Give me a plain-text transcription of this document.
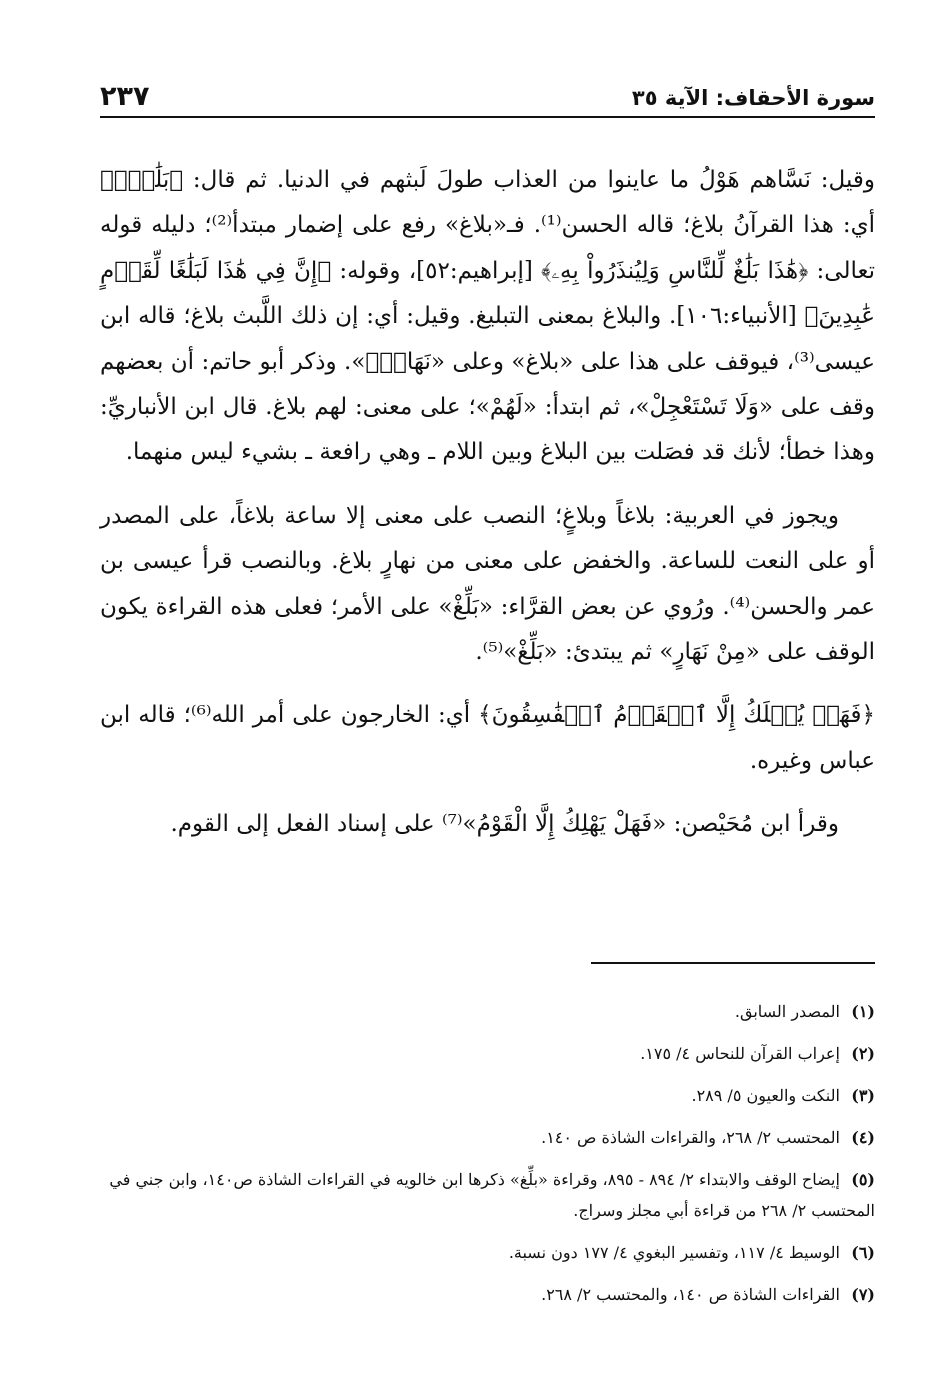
سورة الأحقاف: الآية ٣٥
٢٣٧

وقيل: نَسَّاهم هَوْلُ ما عاينوا من العذاب طولَ لَبثهم في الدنيا. ثم قال: ﴿بَلَٰغٌۚ﴾ أي: هذا القرآنُ بلاغ؛ قاله الحسن⁽¹⁾. فـ«بلاغ» رفع على إضمار مبتدأ⁽²⁾؛ دليله قوله تعالى: ﴿هَٰذَا بَلَٰغٌ لِّلنَّاسِ وَلِيُنذَرُواْ بِهِۦ﴾ [إبراهيم:٥٢]، وقوله: ﴿إِنَّ فِي هَٰذَا لَبَلَٰغًا لِّقَوۡمٍ عَٰبِدِينَ﴾ [الأنبياء:١٠٦]. والبلاغ بمعنى التبليغ. وقيل: أي: إن ذلك اللَّبث بلاغ؛ قاله ابن عيسى⁽³⁾، فيوقف على هذا على «بلاغ» وعلى «نَهَارِۭ». وذكر أبو حاتم: أن بعضهم وقف على «وَلَا تَسْتَعْجِلْ»، ثم ابتدأ: «لَهُمْ»؛ على معنى: لهم بلاغ. قال ابن الأنباريِّ: وهذا خطأ؛ لأنك قد فصَلت بين البلاغ وبين اللام ـ وهي رافعة ـ بشيء ليس منهما.

ويجوز في العربية: بلاغاً وبلاغٍ؛ النصب على معنى إلا ساعة بلاغاً، على المصدر أو على النعت للساعة. والخفض على معنى من نهارٍ بلاغ. وبالنصب قرأ عيسى بن عمر والحسن⁽⁴⁾. ورُوي عن بعض القرَّاء: «بَلِّغْ» على الأمر؛ فعلى هذه القراءة يكون الوقف على «مِنْ نَهَارٍ» ثم يبتدئ: «بَلِّغْ»⁽⁵⁾.

﴿فَهَلۡ يُهۡلَكُ إِلَّا ٱلۡقَوۡمُ ٱلۡفَٰسِقُونَ﴾ أي: الخارجون على أمر الله⁽⁶⁾؛ قاله ابن عباس وغيره.

وقرأ ابن مُحَيْصن: «فَهَلْ يَهْلِكُ إِلَّا الْقَوْمُ»⁽⁷⁾ على إسناد الفعل إلى القوم.

(١) المصدر السابق.
(٢) إعراب القرآن للنحاس ٤/ ١٧٥.
(٣) النكت والعيون ٥/ ٢٨٩.
(٤) المحتسب ٢/ ٢٦٨، والقراءات الشاذة ص ١٤٠.
(٥) إيضاح الوقف والابتداء ٢/ ٨٩٤ - ٨٩٥، وقراءة «بلِّغ» ذكرها ابن خالويه في القراءات الشاذة ص١٤٠، وابن جني في المحتسب ٢/ ٢٦٨ من قراءة أبي مجلز وسراج.
(٦) الوسيط ٤/ ١١٧، وتفسير البغوي ٤/ ١٧٧ دون نسبة.
(٧) القراءات الشاذة ص ١٤٠، والمحتسب ٢/ ٢٦٨.
